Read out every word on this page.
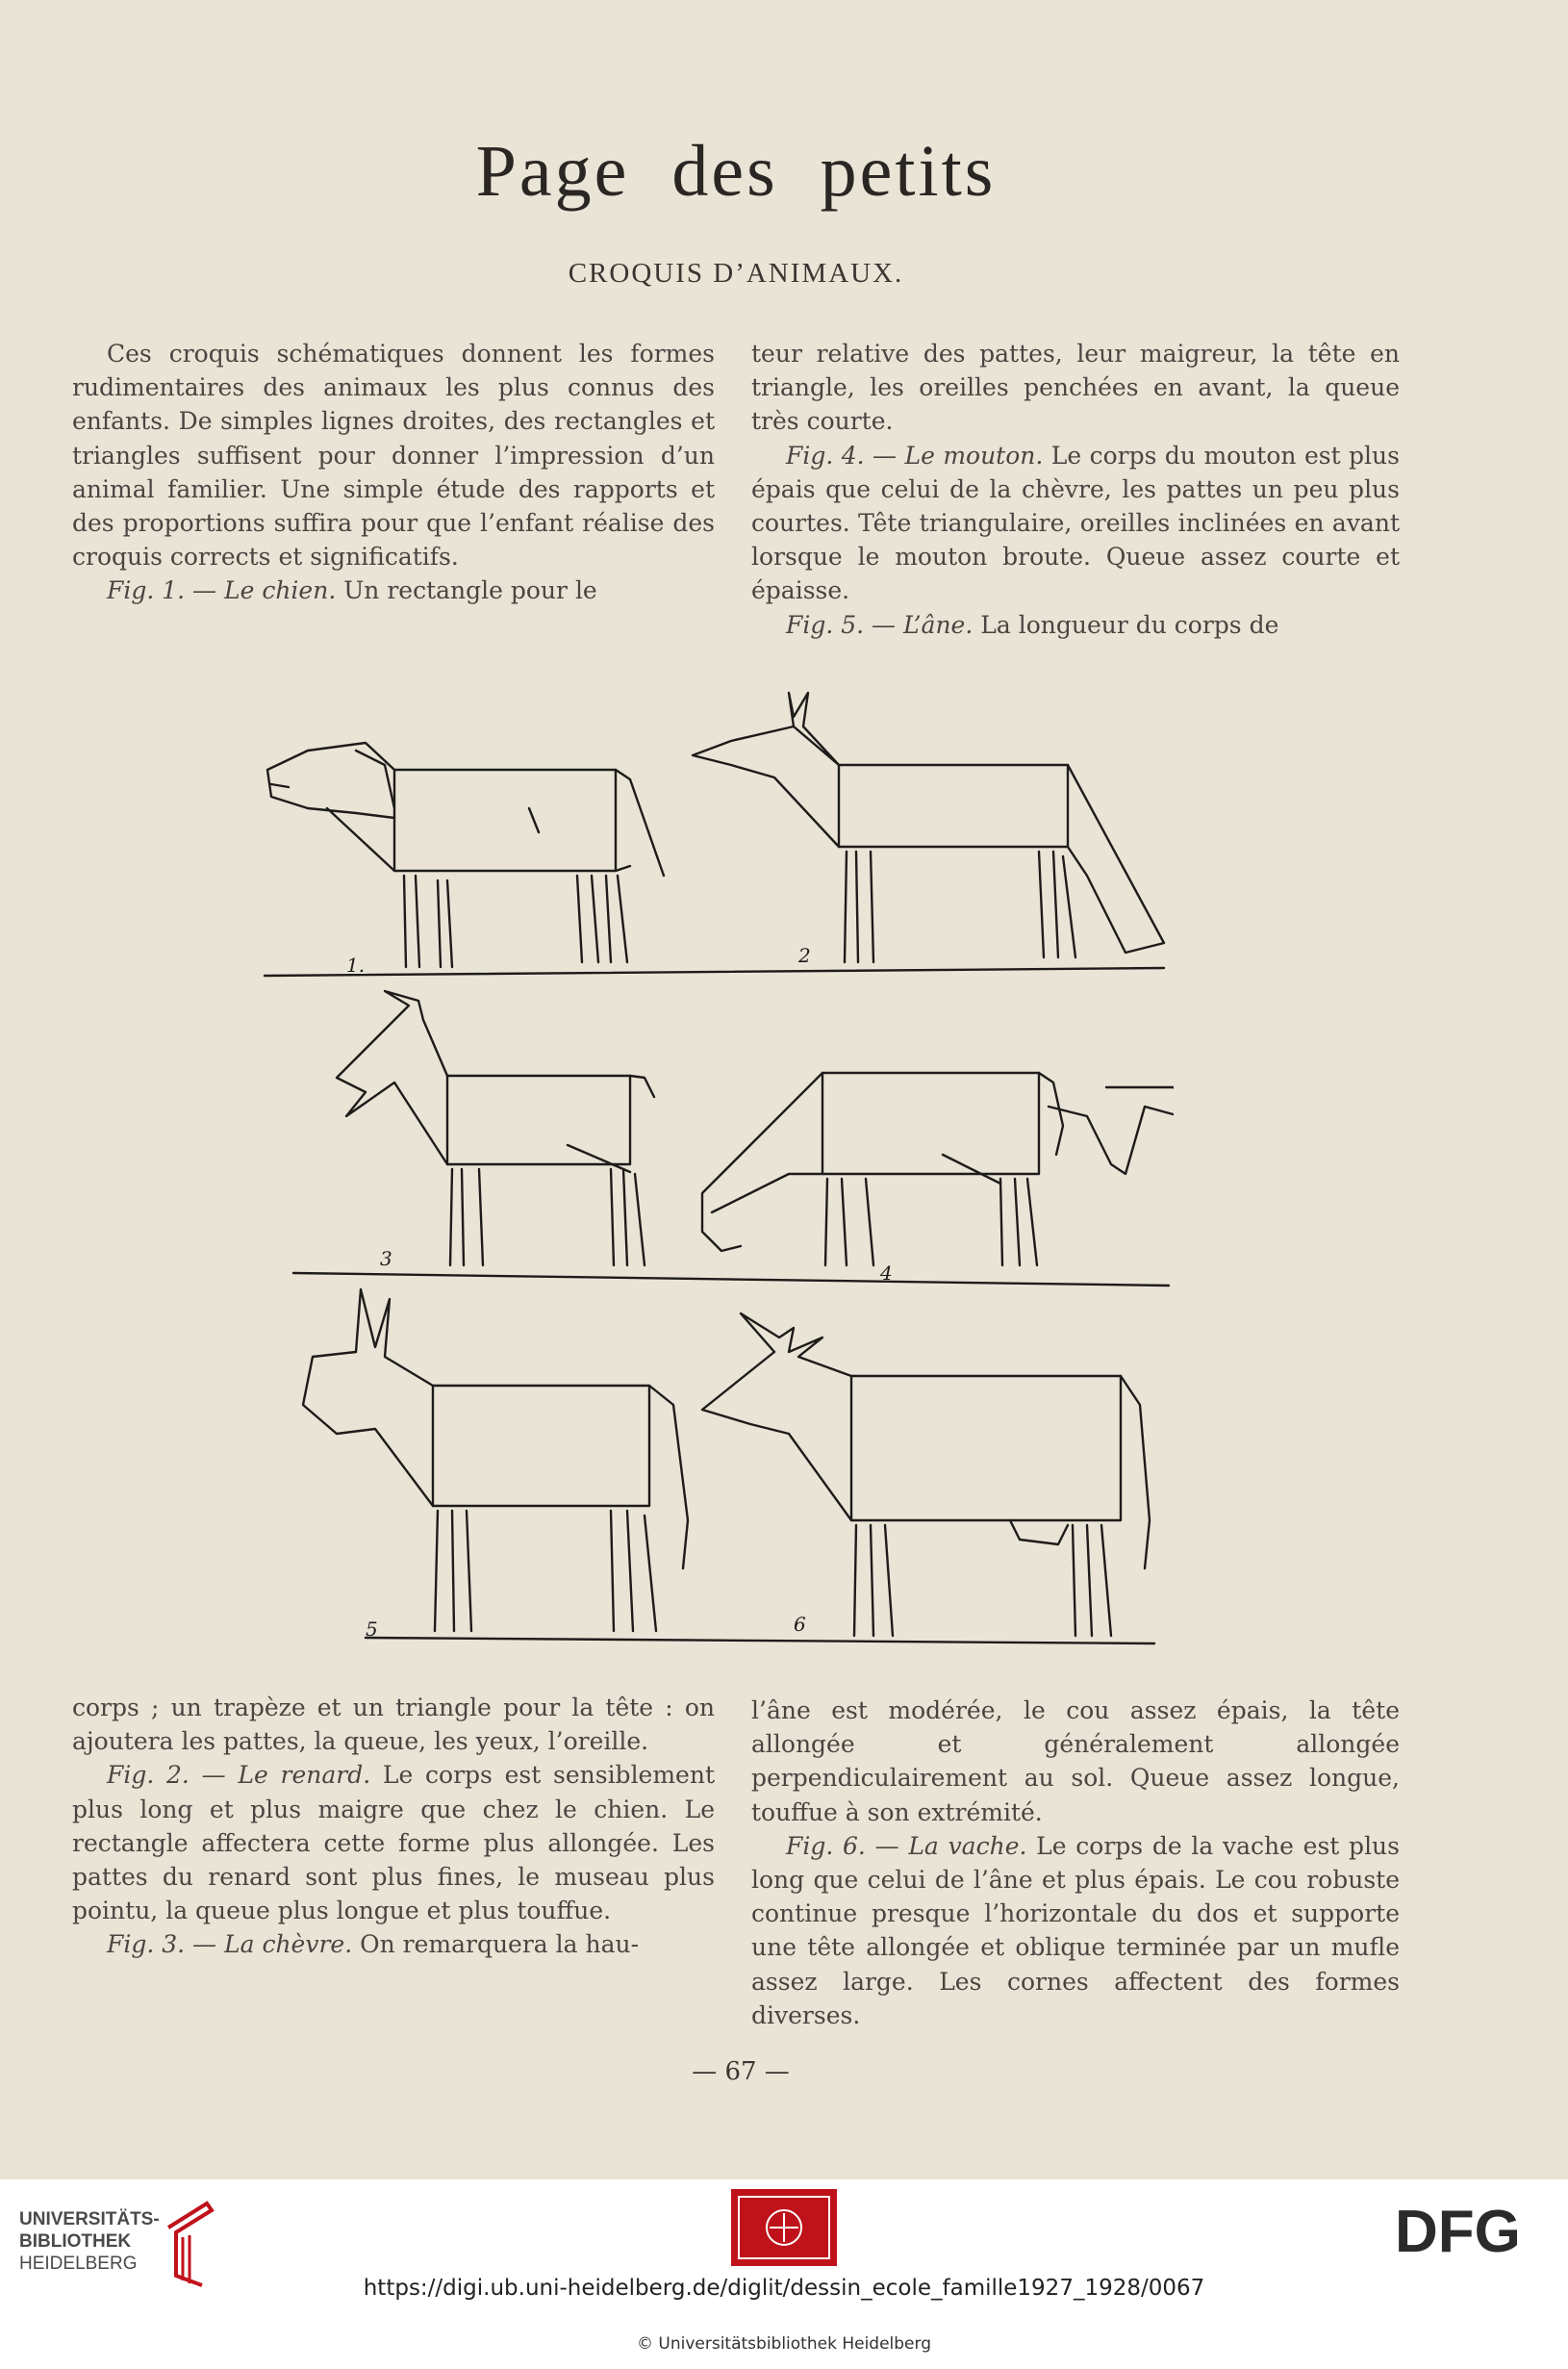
Page des petits
CROQUIS D’ANIMAUX.

Ces croquis schématiques donnent les formes rudimentaires des animaux les plus connus des enfants. De simples lignes droites, des rectangles et triangles suffisent pour donner l’impression d’un animal familier. Une simple étude des rapports et des proportions suffira pour que l’enfant réalise des croquis corrects et significatifs.

Fig. 1. — Le chien. Un rectangle pour le

teur relative des pattes, leur maigreur, la tête en triangle, les oreilles penchées en avant, la queue très courte.

Fig. 4. — Le mouton. Le corps du mouton est plus épais que celui de la chèvre, les pattes un peu plus courtes. Tête triangulaire, oreilles inclinées en avant lorsque le mouton broute. Queue assez courte et épaisse.

Fig. 5. — L’âne. La longueur du corps de

1.	2
3
4
5	6

corps ; un trapèze et un triangle pour la tête : on ajoutera les pattes, la queue, les yeux, l’oreille.

Fig. 2. — Le renard. Le corps est sensiblement plus long et plus maigre que chez le chien. Le rectangle affectera cette forme plus allongée. Les pattes du renard sont plus fines, le museau plus pointu, la queue plus longue et plus touffue.

Fig. 3. — La chèvre. On remarquera la hau-

l’âne est modérée, le cou assez épais, la tête allongée et généralement allongée perpendiculairement au sol. Queue assez longue, touffue à son extrémité.

Fig. 6. — La vache. Le corps de la vache est plus long que celui de l’âne et plus épais. Le cou robuste continue presque l’horizontale du dos et supporte une tête allongée et oblique terminée par un mufle assez large. Les cornes affectent des formes diverses.

— 67 —
UNIVERSITÄTS-
BIBLIOTHEK
HEIDELBERG	DFG
https://digi.ub.uni-heidelberg.de/diglit/dessin_ecole_famille1927_1928/0067
© Universitätsbibliothek Heidelberg
